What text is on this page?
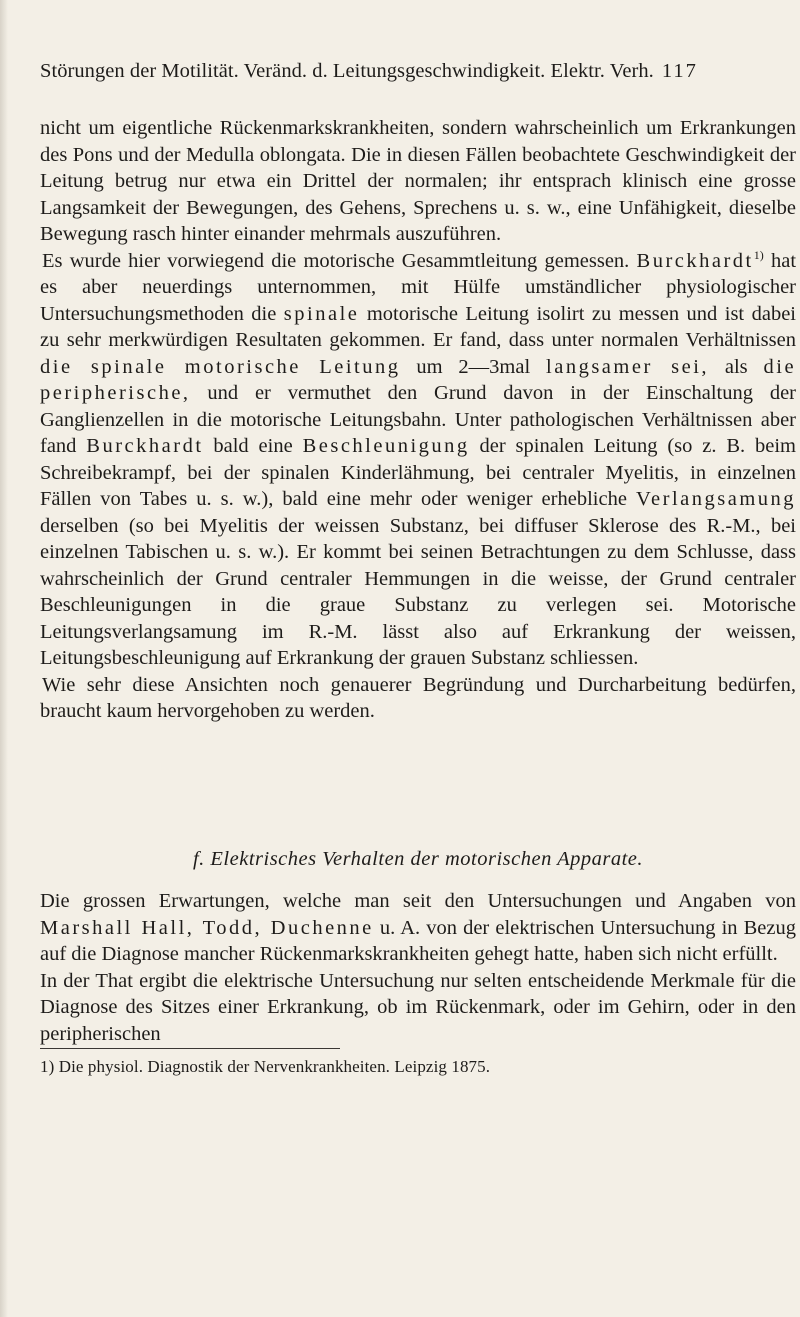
Störungen der Motilität. Veränd. d. Leitungsgeschwindigkeit. Elektr. Verh. 117

nicht um eigentliche Rückenmarkskrankheiten, sondern wahrscheinlich um Erkrankungen des Pons und der Medulla oblongata. Die in diesen Fällen beobachtete Geschwindigkeit der Leitung betrug nur etwa ein Drittel der normalen; ihr entsprach klinisch eine grosse Langsamkeit der Bewegungen, des Gehens, Sprechens u. s. w., eine Unfähigkeit, dieselbe Bewegung rasch hinter einander mehrmals auszuführen.

Es wurde hier vorwiegend die motorische Gesammtleitung gemessen. Burckhardt$^{1)}$ hat es aber neuerdings unternommen, mit Hülfe umständlicher physiologischer Untersuchungsmethoden die spinale motorische Leitung isolirt zu messen und ist dabei zu sehr merkwürdigen Resultaten gekommen. Er fand, dass unter normalen Verhältnissen die spinale motorische Leitung um 2—3mal langsamer sei, als die peripherische, und er vermuthet den Grund davon in der Einschaltung der Ganglienzellen in die motorische Leitungsbahn. Unter pathologischen Verhältnissen aber fand Burckhardt bald eine Beschleunigung der spinalen Leitung (so z. B. beim Schreibekrampf, bei der spinalen Kinderlähmung, bei centraler Myelitis, in einzelnen Fällen von Tabes u. s. w.), bald eine mehr oder weniger erhebliche Verlangsamung derselben (so bei Myelitis der weissen Substanz, bei diffuser Sklerose des R.-M., bei einzelnen Tabischen u. s. w.). Er kommt bei seinen Betrachtungen zu dem Schlusse, dass wahrscheinlich der Grund centraler Hemmungen in die weisse, der Grund centraler Beschleunigungen in die graue Substanz zu verlegen sei. Motorische Leitungsverlangsamung im R.-M. lässt also auf Erkrankung der weissen, Leitungsbeschleunigung auf Erkrankung der grauen Substanz schliessen.

Wie sehr diese Ansichten noch genauerer Begründung und Durcharbeitung bedürfen, braucht kaum hervorgehoben zu werden.

f. Elektrisches Verhalten der motorischen Apparate.

Die grossen Erwartungen, welche man seit den Untersuchungen und Angaben von Marshall Hall, Todd, Duchenne u. A. von der elektrischen Untersuchung in Bezug auf die Diagnose mancher Rückenmarkskrankheiten gehegt hatte, haben sich nicht erfüllt.

In der That ergibt die elektrische Untersuchung nur selten entscheidende Merkmale für die Diagnose des Sitzes einer Erkrankung, ob im Rückenmark, oder im Gehirn, oder in den peripherischen

1) Die physiol. Diagnostik der Nervenkrankheiten. Leipzig 1875.
